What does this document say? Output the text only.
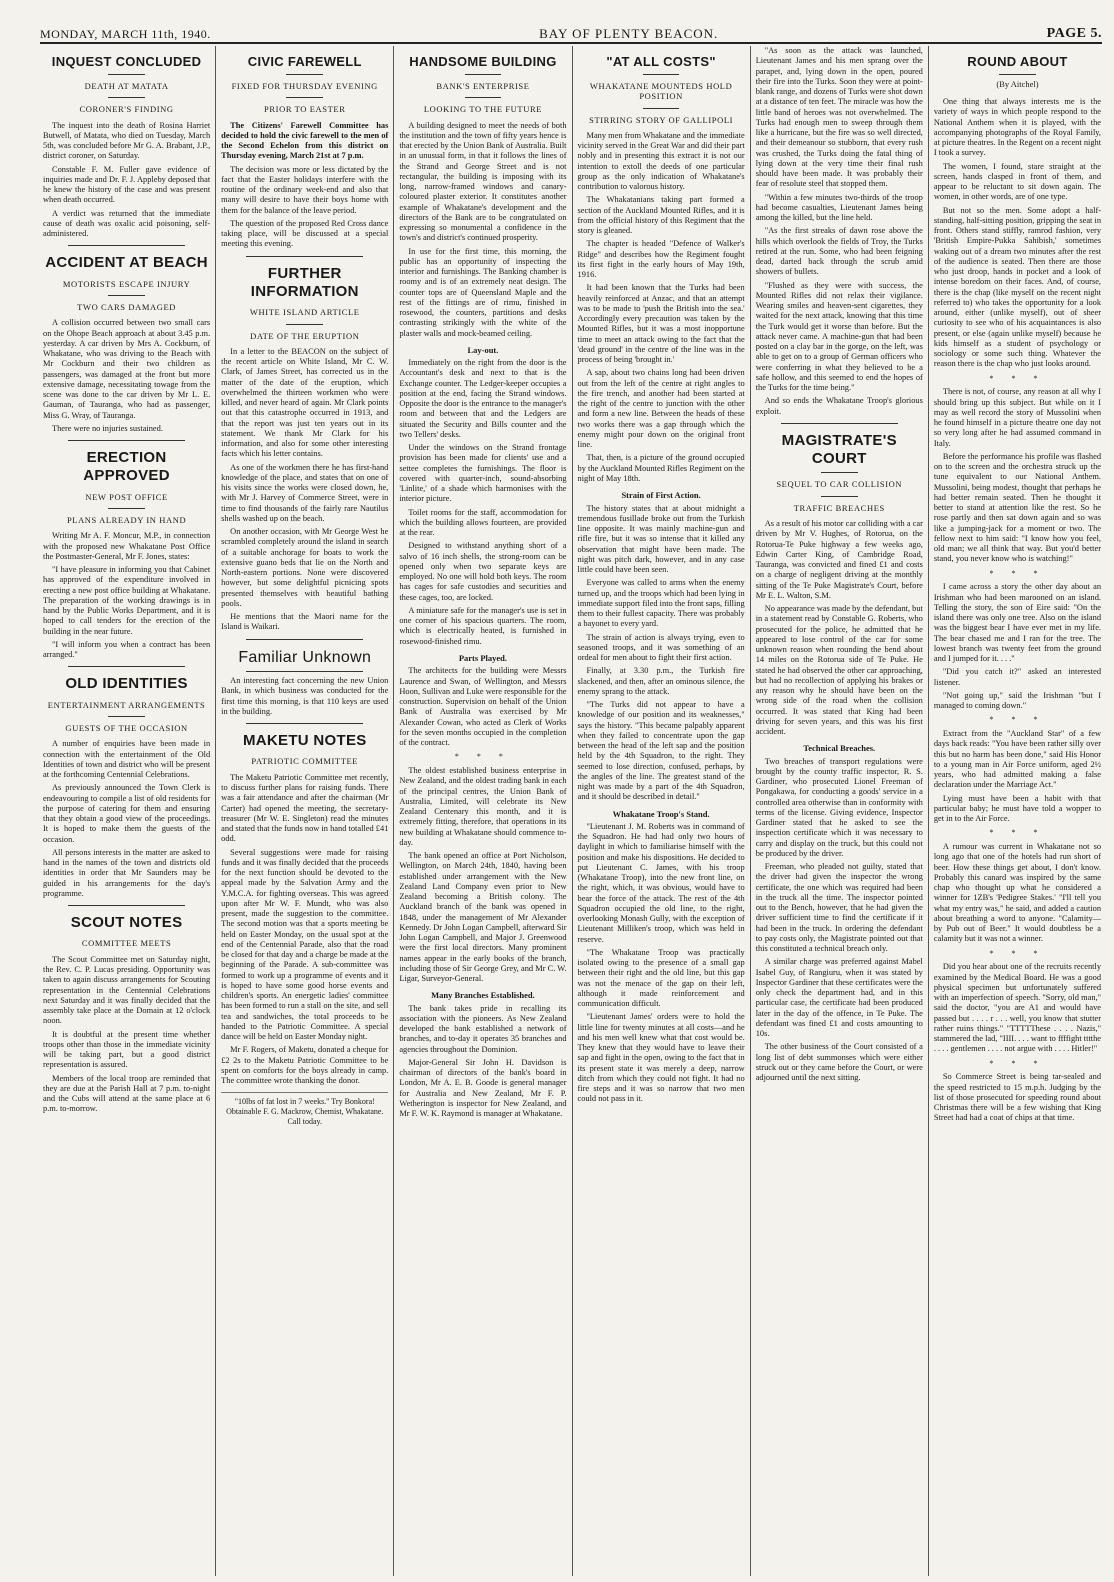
MONDAY, MARCH 11th, 1940.	BAY OF PLENTY BEACON.	PAGE 5.
INQUEST CONCLUDED
DEATH AT MATATA
CORONER'S FINDING

The inquest into the death of Rosina Harriet Butwell, of Matata, who died on Tuesday, March 5th, was concluded before Mr G. A. Brabant, J.P., district coroner, on Saturday.

Constable F. M. Fuller gave evidence of inquiries made and Dr. F. J. Appleby deposed that he knew the history of the case and was present when death occurred.

A verdict was returned that the immediate cause of death was oxalic acid poisoning, self-administered.

ACCIDENT AT BEACH
MOTORISTS ESCAPE INJURY
TWO CARS DAMAGED

A collision occurred between two small cars on the Ohope Beach approach at about 3.45 p.m. yesterday. A car driven by Mrs A. Cockburn, of Whakatane, who was driving to the Beach with Mr Cockburn and their two children as passengers, was damaged at the front but more extensive damage, necessitating towage from the scene was done to the car driven by Mr L. E. Gauman, of Tauranga, who had as passenger, Miss G. Wray, of Tauranga.

There were no injuries sustained.

ERECTION APPROVED
NEW POST OFFICE
PLANS ALREADY IN HAND

Writing Mr A. F. Moncur, M.P., in connection with the proposed new Whakatane Post Office the Postmaster-General, Mr F. Jones, states:

"I have pleasure in informing you that Cabinet has approved of the expenditure involved in erecting a new post office building at Whakatane. The preparation of the working drawings is in hand by the Public Works Department, and it is hoped to call tenders for the erection of the building in the near future.

"I will inform you when a contract has been arranged."

OLD IDENTITIES
ENTERTAINMENT ARRANGEMENTS
GUESTS OF THE OCCASION

A number of enquiries have been made in connection with the entertainment of the Old Identities of town and district who will be present at the forthcoming Centennial Celebrations.

As previously announced the Town Clerk is endeavouring to compile a list of old residents for the purpose of catering for them and ensuring that they obtain a good view of the proceedings. It is hoped to make them the guests of the occasion.

All persons interests in the matter are asked to hand in the names of the town and districts old identities in order that Mr Saunders may be guided in his arrangements for the day's programme.

SCOUT NOTES
COMMITTEE MEETS

The Scout Committee met on Saturday night, the Rev. C. P. Lucas presiding. Opportunity was taken to again discuss arrangements for Scouting representation in the Centennial Celebrations next Saturday and it was finally decided that the assembly take place at the Domain at 12 o'clock noon.

It is doubtful at the present time whether troops other than those in the immediate vicinity will be taking part, but a good district representation is assured.

Members of the local troop are reminded that they are due at the Parish Hall at 7 p.m. to-night and the Cubs will attend at the same place at 6 p.m. to-morrow.

CIVIC FAREWELL
FIXED FOR THURSDAY EVENING
PRIOR TO EASTER

The Citizens' Farewell Committee has decided to hold the civic farewell to the men of the Second Echelon from this district on Thursday evening, March 21st at 7 p.m.

The decision was more or less dictated by the fact that the Easter holidays interfere with the routine of the ordinary week-end and also that many will desire to have their boys home with them for the balance of the leave period.

The question of the proposed Red Cross dance taking place, will be discussed at a special meeting this evening.

FURTHER INFORMATION
WHITE ISLAND ARTICLE
DATE OF THE ERUPTION

In a letter to the BEACON on the subject of the recent article on White Island, Mr C. W. Clark, of James Street, has corrected us in the matter of the date of the eruption, which overwhelmed the thirteen workmen who were killed, and never heard of again. Mr Clark points out that this catastrophe occurred in 1913, and that the report was just ten years out in its statement. We thank Mr Clark for his information, and also for some other interesting facts which his letter contains.

As one of the workmen there he has first-hand knowledge of the place, and states that on one of his visits since the works were closed down, he, with Mr J. Harvey of Commerce Street, were in time to find thousands of the fairly rare Nautilus shells washed up on the beach.

On another occasion, with Mr George West he scrambled completely around the island in search of a suitable anchorage for boats to work the extensive guano beds that lie on the North and North-eastern portions. None were discovered however, but some delightful picnicing spots presented themselves with beautiful bathing pools.

He mentions that the Maori name for the Island is Waikari.

Familiar Unknown

An interesting fact concerning the new Union Bank, in which business was conducted for the first time this morning, is that 110 keys are used in the building.

MAKETU NOTES
PATRIOTIC COMMITTEE

The Maketu Patriotic Committee met recently, to discuss further plans for raising funds. There was a fair attendance and after the chairman (Mr Carter) had opened the meeting, the secretary-treasurer (Mr W. E. Singleton) read the minutes and stated that the funds now in hand totalled £41 odd.

Several suggestions were made for raising funds and it was finally decided that the proceeds for the next function should be devoted to the appeal made by the Salvation Army and the Y.M.C.A. for fighting overseas. This was agreed upon after Mr W. F. Mundt, who was also present, made the suggestion to the committee. The second motion was that a sports meeting be held on Easter Monday, on the usual spot at the end of the Centennial Parade, also that the road be closed for that day and a charge be made at the beginning of the Parade. A sub-committee was formed to work up a programme of events and it is hoped to have some good horse events and children's sports. An energetic ladies' committee has been formed to run a stall on the site, and sell tea and sandwiches, the total proceeds to be handed to the Patriotic Committee. A special dance will be held on Easter Monday night.

Mr F. Rogers, of Maketu, donated a cheque for £2 2s to the Maketu Patriotic Committee to be spent on comforts for the boys already in camp. The committee wrote thanking the donor.

"10lbs of fat lost in 7 weeks." Try Bonkora! Obtainable F. G. Mackrow, Chemist, Whakatane. Call today.
HANDSOME BUILDING
BANK'S ENTERPRISE
LOOKING TO THE FUTURE

A building designed to meet the needs of both the institution and the town of fifty years hence is that erected by the Union Bank of Australia. Built in an unusual form, in that it follows the lines of the Strand and George Street and is not rectangular, the building is imposing with its long, narrow-framed windows and canary-coloured plaster exterior. It constitutes another example of Whakatane's development and the directors of the Bank are to be congratulated on expressing so monumental a confidence in the town's and district's continued prosperity.

In use for the first time, this morning, the public has an opportunity of inspecting the interior and furnishings. The Banking chamber is roomy and is of an extremely neat design. The counter tops are of Queensland Maple and the rest of the fittings are of rimu, finished in rosewood, the counters, partitions and desks contrasting strikingly with the white of the plaster walls and mock-beamed ceiling.

Lay-out.

Immediately on the right from the door is the Accountant's desk and next to that is the Exchange counter. The Ledger-keeper occupies a position at the end, facing the Strand windows. Opposite the door is the entrance to the manager's room and between that and the Ledgers are situated the Security and Bills counter and the two Tellers' desks.

Under the windows on the Strand frontage provision has been made for clients' use and a settee completes the furnishings. The floor is covered with quarter-inch, sound-absorbing 'Linlite,' of a shade which harmonises with the interior picture.

Toilet rooms for the staff, accommodation for which the building allows fourteen, are provided at the rear.

Designed to withstand anything short of a salvo of 16 inch shells, the strong-room can be opened only when two separate keys are employed. No one will hold both keys. The room has cages for safe custodies and securities and these cages, too, are locked.

A miniature safe for the manager's use is set in one corner of his spacious quarters. The room, which is electrically heated, is furnished in rosewood-finished rimu.

Parts Played.

The architects for the building were Messrs Laurence and Swan, of Wellington, and Messrs Hoon, Sullivan and Luke were responsible for the construction. Supervision on behalf of the Union Bank of Australia was exercised by Mr Alexander Cowan, who acted as Clerk of Works for the seven months occupied in the completion of the contract.

* * *

The oldest established business enterprise in New Zealand, and the oldest trading bank in each of the principal centres, the Union Bank of Australia, Limited, will celebrate its New Zealand Centenary this month, and it is extremely fitting, therefore, that operations in its new building at Whakatane should commence to-day.

The bank opened an office at Port Nicholson, Wellington, on March 24th, 1840, having been established under arrangement with the New Zealand Land Company even prior to New Zealand becoming a British colony. The Auckland branch of the bank was opened in 1848, under the management of Mr Alexander Kennedy. Dr John Logan Campbell, afterward Sir John Logan Campbell, and Major J. Greenwood were the first local directors. Many prominent names appear in the early books of the branch, including those of Sir George Grey, and Mr C. W. Ligar, Surveyor-General.

Many Branches Established.

The bank takes pride in recalling its association with the pioneers. As New Zealand developed the bank established a network of branches, and to-day it operates 35 branches and agencies throughout the Dominion.

Major-General Sir John H. Davidson is chairman of directors of the bank's board in London, Mr A. E. B. Goode is general manager for Australia and New Zealand, Mr F. P. Wetherington is inspector for New Zealand, and Mr F. W. K. Raymond is manager at Whakatane.

"AT ALL COSTS"
WHAKATANE MOUNTEDS HOLD POSITION
STIRRING STORY OF GALLIPOLI

Many men from Whakatane and the immediate vicinity served in the Great War and did their part nobly and in presenting this extract it is not our intention to extoll the deeds of one particular group as the only indication of Whakatane's contribution to valorous history.

The Whakatanians taking part formed a section of the Auckland Mounted Rifles, and it is from the official history of this Regiment that the story is gleaned.

The chapter is headed "Defence of Walker's Ridge" and describes how the Regiment fought its first fight in the early hours of May 19th, 1916.

It had been known that the Turks had been heavily reinforced at Anzac, and that an attempt was to be made to 'push the British into the sea.' Accordingly every precaution was taken by the Mounted Rifles, but it was a most inopportune time to meet an attack owing to the fact that the 'dead ground' in the centre of the line was in the process of being 'brought in.'

A sap, about two chains long had been driven out from the left of the centre at right angles to the fire trench, and another had been started at the right of the centre to junction with the other and form a new line. Between the heads of these two works there was a gap through which the enemy might pour down on the original front line.

That, then, is a picture of the ground occupied by the Auckland Mounted Rifles Regiment on the night of May 18th.

Strain of First Action.

The history states that at about midnight a tremendous fusillade broke out from the Turkish line opposite. It was mainly machine-gun and rifle fire, but it was so intense that it killed any observation that might have been made. The night was pitch dark, however, and in any case little could have been seen.

Everyone was called to arms when the enemy turned up, and the troops which had been lying in immediate support filed into the front saps, filling them to their fullest capacity. There was probably a bayonet to every yard.

The strain of action is always trying, even to seasoned troops, and it was something of an ordeal for men about to fight their first action.

Finally, at 3.30 p.m., the Turkish fire slackened, and then, after an ominous silence, the enemy sprang to the attack.

"The Turks did not appear to have a knowledge of our position and its weaknesses," says the history. "This became palpably apparent when they failed to concentrate upon the gap between the head of the left sap and the position held by the 4th Squadron, to the right. They seemed to lose direction, confused, perhaps, by the angles of the line. The greatest stand of the night was made by a part of the 4th Squadron, and it should be described in detail."

Whakatane Troop's Stand.

"Lieutenant J. M. Roberts was in command of the Squadron. He had had only two hours of daylight in which to familiarise himself with the position and make his dispositions. He decided to put Lieutenant C. James, with his troop (Whakatane Troop), into the new front line, on the right, which, it was obvious, would have to bear the force of the attack. The rest of the 4th Squadron occupied the old line, to the right, overlooking Monash Gully, with the exception of Lieutenant Milliken's troop, which was held in reserve.

"The Whakatane Troop was practically isolated owing to the presence of a small gap between their right and the old line, but this gap was not the menace of the gap on their left, although it made reinforcement and communication difficult.

"Lieutenant James' orders were to hold the little line for twenty minutes at all costs—and he and his men well knew what that cost would be. They knew that they would have to leave their sap and fight in the open, owing to the fact that in its present state it was merely a deep, narrow ditch from which they could not fight. It had no fire steps and it was so narrow that two men could not pass in it.

"As soon as the attack was launched, Lieutenant James and his men sprang over the parapet, and, lying down in the open, poured their fire into the Turks. Soon they were at point-blank range, and dozens of Turks were shot down at a distance of ten feet. The miracle was how the little band of heroes was not overwhelmed. The Turks had enough men to sweep through them like a hurricane, but the fire was so well directed, and their demeanour so stubborn, that every rush was crushed, the Turks doing the fatal thing of lying down at the very time their final rush should have been made. It was probably their fear of resolute steel that stopped them.

"Within a few minutes two-thirds of the troop had become casualties, Lieutenant James being among the killed, but the line held.

"As the first streaks of dawn rose above the hills which overlook the fields of Troy, the Turks retired at the run. Some, who had been feigning dead, darted back through the scrub amid showers of bullets.

"Flushed as they were with success, the Mounted Rifles did not relax their vigilance. Wearing smiles and heaven-sent cigarettes, they waited for the next attack, knowing that this time the Turk would get it worse than before. But the attack never came. A machine-gun that had been posted on a clay bar in the gorge, on the left, was able to get on to a group of German officers who were conferring in what they believed to be a safe hollow, and this seemed to end the hopes of the Turks for the time being."

And so ends the Whakatane Troop's glorious exploit.

MAGISTRATE'S COURT
SEQUEL TO CAR COLLISION
TRAFFIC BREACHES

As a result of his motor car colliding with a car driven by Mr V. Hughes, of Rotorua, on the Rotorua-Te Puke highway a few weeks ago, Edwin Carter King, of Cambridge Road, Tauranga, was convicted and fined £1 and costs on a charge of negligent driving at the monthly sitting of the Te Puke Magistrate's Court, before Mr E. L. Walton, S.M.

No appearance was made by the defendant, but in a statement read by Constable G. Roberts, who prosecuted for the police, he admitted that he appeared to lose control of the car for some unknown reason when rounding the bend about 14 miles on the Rotorua side of Te Puke. He stated he had observed the other car approaching, but had no recollection of applying his brakes or any reason why he should have been on the wrong side of the road when the collision occurred. It was stated that King had been driving for seven years, and this was his first accident.

Technical Breaches.

Two breaches of transport regulations were brought by the county traffic inspector, R. S. Gardiner, who prosecuted Lionel Freeman of Pongakawa, for conducting a goods' service in a controlled area otherwise than in conformity with terms of the license. Giving evidence, Inspector Gardiner stated that he asked to see the inspection certificate which it was necessary to carry and display on the truck, but this could not be produced by the driver.

Freeman, who pleaded not guilty, stated that the driver had given the inspector the wrong certificate, the one which was required had been in the truck all the time. The inspector pointed out to the Bench, however, that he had given the driver sufficient time to find the certificate if it had been in the truck. In ordering the defendant to pay costs only, the Magistrate pointed out that this constituted a technical breach only.

A similar charge was preferred against Mabel Isabel Guy, of Rangiuru, when it was stated by Inspector Gardiner that these certificates were the only check the department had, and in this particular case, the certificate had been produced later in the day of the offence, in Te Puke. The defendant was fined £1 and costs amounting to 10s.

The other business of the Court consisted of a long list of debt summonses which were either struck out or they came before the Court, or were adjourned until the next sitting.

ROUND ABOUT
(By Aitchel)

One thing that always interests me is the variety of ways in which people respond to the National Anthem when it is played, with the accompanying photographs of the Royal Family, at picture theatres. In the Regent on a recent night I took a survey.

The women, I found, stare straight at the screen, hands clasped in front of them, and appear to be reluctant to sit down again. The women, in other words, are of one type.

But not so the men. Some adopt a half-standing, half-sitting position, gripping the seat in front. Others stand stiffly, ramrod fashion, very 'British Empire-Pukka Sahibish,' sometimes waking out of a dream two minutes after the rest of the audience is seated. Then there are those who just droop, hands in pocket and a look of intense boredom on their faces. And, of course, there is the chap (like myself on the recent night referred to) who takes the opportunity for a look around, either (unlike myself), out of sheer curiosity to see who of his acquaintances is also present, or else (again unlike myself) because he kids himself as a student of psychology or sociology or some such thing. Whatever the reason there is the chap who just looks around.

* * *

There is not, of course, any reason at all why I should bring up this subject. But while on it I may as well record the story of Mussolini when he found himself in a picture theatre one day not so very long after he had assumed command in Italy.

Before the performance his profile was flashed on to the screen and the orchestra struck up the tune equivalent to our National Anthem. Mussolini, being modest, thought that perhaps he had better remain seated. Then he thought it better to stand at attention like the rest. So he rose partly and then sat down again and so was like a jumping-jack for a moment or two. The fellow next to him said: "I know how you feel, old man; we all think that way. But you'd better stand, you never know who is watching!"

* * *

I came across a story the other day about an Irishman who had been marooned on an island. Telling the story, the son of Eire said: "On the island there was only one tree. Also on the island was the biggest bear I have ever met in my life. The bear chased me and I ran for the tree. The lowest branch was twenty feet from the ground and I jumped for it. . . ."

"Did you catch it?" asked an interested listener.

"Not going up," said the Irishman "but I managed to coming down."

* * *

Extract from the "Auckland Star" of a few days back reads: "You have been rather silly over this but no harm has been done," said His Honor to a young man in Air Force uniform, aged 2½ years, who had admitted making a false declaration under the Marriage Act."

Lying must have been a habit with that particular baby; he must have told a wopper to get in to the Air Force.

* * *

A rumour was current in Whakatane not so long ago that one of the hotels had run short of beer. How these things get about, I don't know. Probably this canard was inspired by the same chap who thought up what he considered a winner for 1ZB's 'Pedigree Stakes.' "I'll tell you what my entry was," he said, and added a caution about breathing a word to anyone. "Calamity—by Pub out of Beer." It would doubtless be a calamity but it was not a winner.

* * *

Did you hear about one of the recruits recently examined by the Medical Board. He was a good physical specimen but unfortunately suffered with an imperfection of speech. "Sorry, old man," said the doctor, "you are A1 and would have passed but . . . . r . . . well, you know that stutter rather ruins things." "TTTTThese . . . . Nazis," stammered the lad, "IIII. . . . want to ffffight tttthe . . . . gentlemen . . . . not argue with . . . . Hitler!"

* * *

So Commerce Street is being tar-sealed and the speed restricted to 15 m.p.h. Judging by the list of those prosecuted for speeding round about Christmas there will be a few wishing that King Street had had a coat of chips at that time.
